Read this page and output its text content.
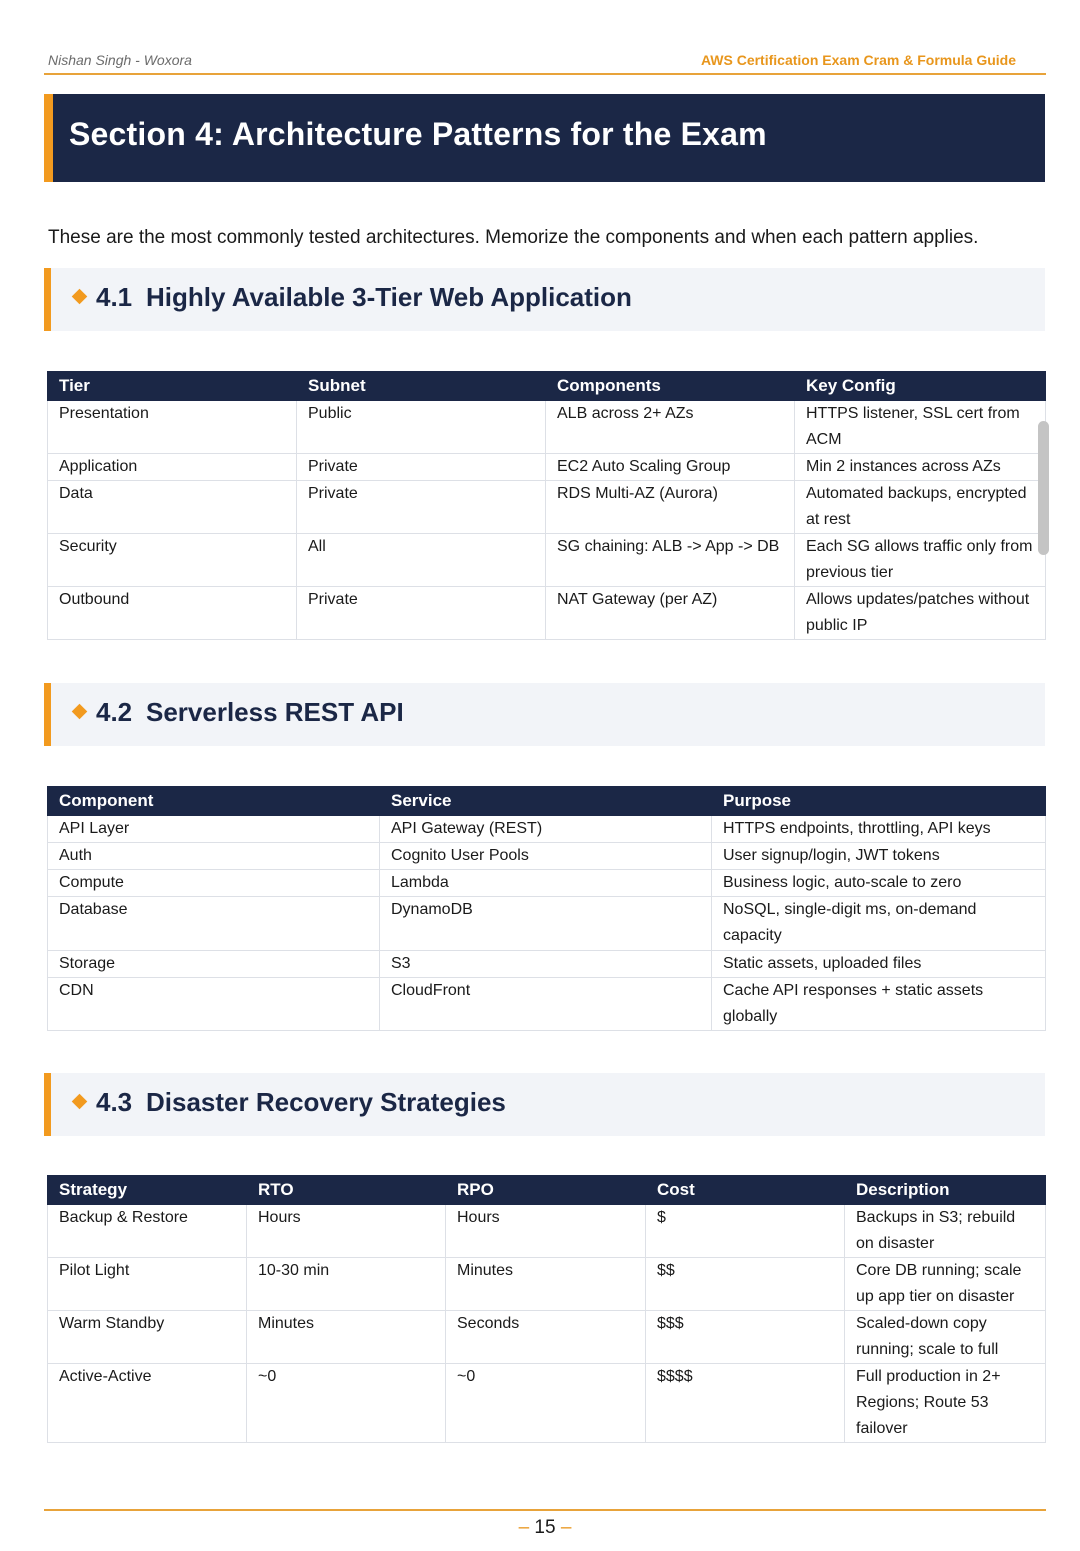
Nishan Singh - Woxora	AWS Certification Exam Cram & Formula Guide
Section 4: Architecture Patterns for the Exam
These are the most commonly tested architectures. Memorize the components and when each pattern applies.
4.1 Highly Available 3-Tier Web Application
Tier	Subnet	Components	Key Config
Presentation	Public	ALB across 2+ AZs	HTTPS listener, SSL cert from ACM
Application	Private	EC2 Auto Scaling Group	Min 2 instances across AZs
Data	Private	RDS Multi-AZ (Aurora)	Automated backups, encrypted at rest
Security	All	SG chaining: ALB -> App -> DB	Each SG allows traffic only from previous tier
Outbound	Private	NAT Gateway (per AZ)	Allows updates/patches without public IP
4.2 Serverless REST API
Component	Service	Purpose
API Layer	API Gateway (REST)	HTTPS endpoints, throttling, API keys
Auth	Cognito User Pools	User signup/login, JWT tokens
Compute	Lambda	Business logic, auto-scale to zero
Database	DynamoDB	NoSQL, single-digit ms, on-demand capacity
Storage	S3	Static assets, uploaded files
CDN	CloudFront	Cache API responses + static assets globally
4.3 Disaster Recovery Strategies
Strategy	RTO	RPO	Cost	Description
Backup & Restore	Hours	Hours	$	Backups in S3; rebuild on disaster
Pilot Light	10-30 min	Minutes	$$	Core DB running; scale up app tier on disaster
Warm Standby	Minutes	Seconds	$$$	Scaled-down copy running; scale to full
Active-Active	~0	~0	$$$$	Full production in 2+ Regions; Route 53 failover
– 15 –
